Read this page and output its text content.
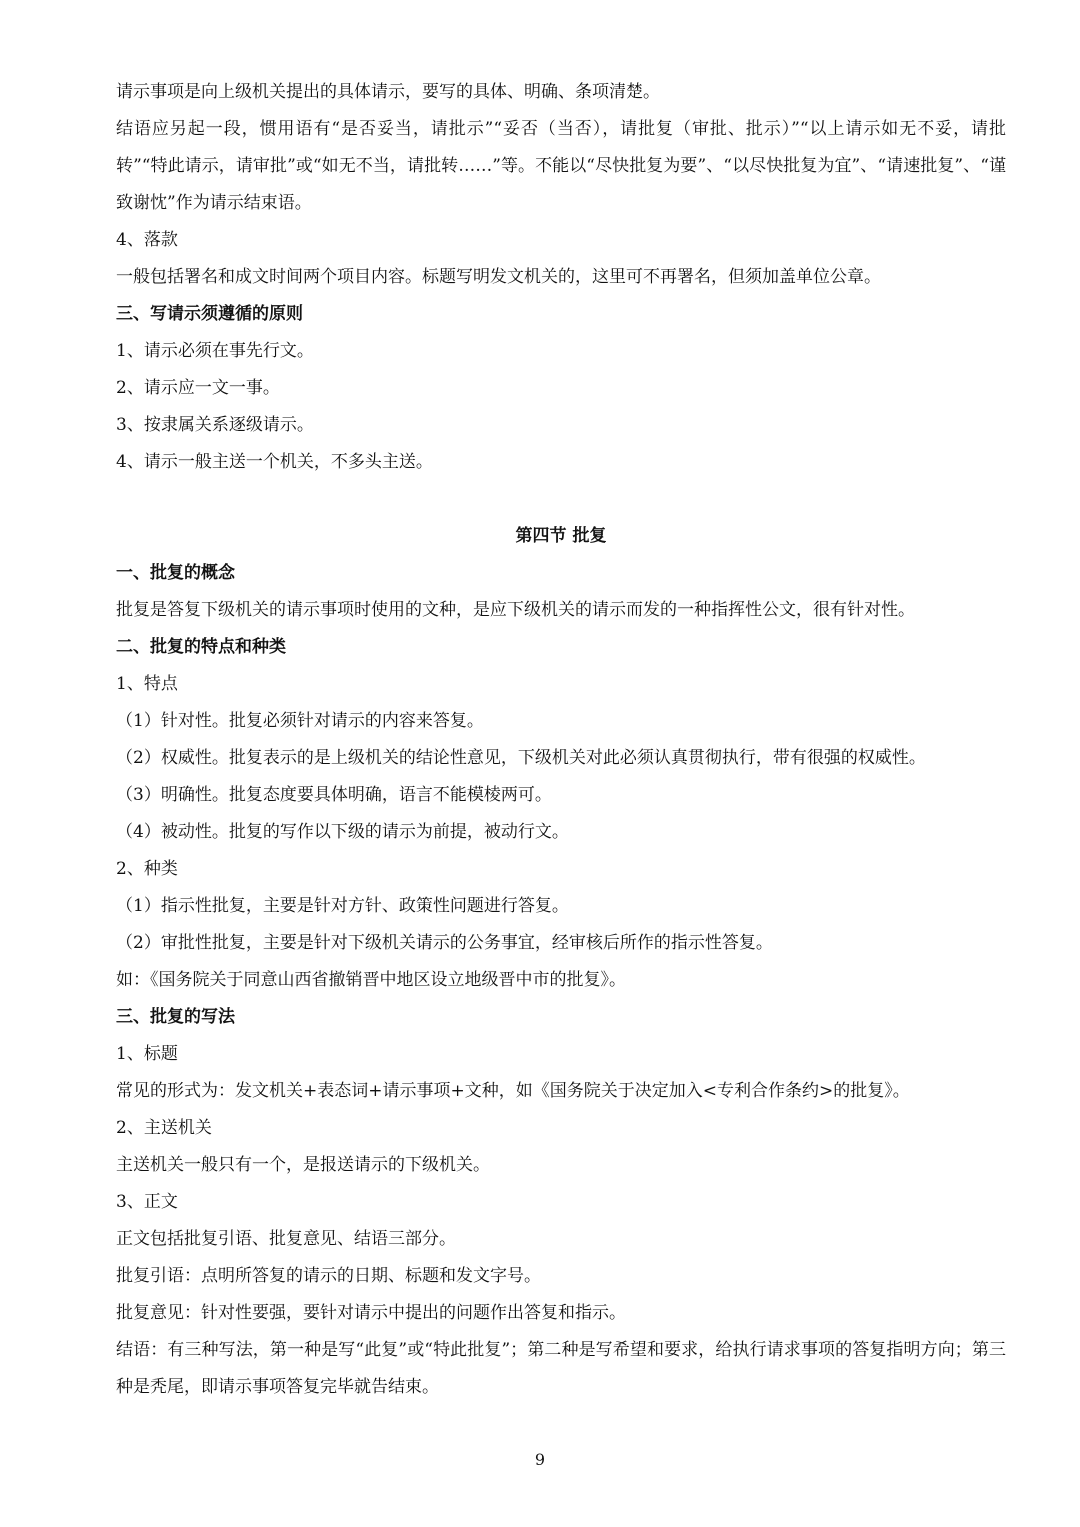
请示事项是向上级机关提出的具体请示，要写的具体、明确、条项清楚。
结语应另起一段，惯用语有“是否妥当，请批示”“妥否（当否），请批复（审批、批示）”“以上请示如无不妥，请批转”“特此请示，请审批”或“如无不当，请批转……”等。不能以“尽快批复为要”、“以尽快批复为宜”、“请速批复”、“谨致谢忱”作为请示结束语。
4、落款
一般包括署名和成文时间两个项目内容。标题写明发文机关的，这里可不再署名，但须加盖单位公章。
三、写请示须遵循的原则
1、请示必须在事先行文。
2、请示应一文一事。
3、按隶属关系逐级请示。
4、请示一般主送一个机关，不多头主送。
第四节 批复
一、批复的概念
批复是答复下级机关的请示事项时使用的文种，是应下级机关的请示而发的一种指挥性公文，很有针对性。
二、批复的特点和种类
1、特点
（1）针对性。批复必须针对请示的内容来答复。
（2）权威性。批复表示的是上级机关的结论性意见，下级机关对此必须认真贯彻执行，带有很强的权威性。
（3）明确性。批复态度要具体明确，语言不能模棱两可。
（4）被动性。批复的写作以下级的请示为前提，被动行文。
2、种类
（1）指示性批复，主要是针对方针、政策性问题进行答复。
（2）审批性批复，主要是针对下级机关请示的公务事宜，经审核后所作的指示性答复。
如：《国务院关于同意山西省撤销晋中地区设立地级晋中市的批复》。
三、批复的写法
1、标题
常见的形式为：发文机关+表态词+请示事项+文种，如《国务院关于决定加入<专利合作条约>的批复》。
2、主送机关
主送机关一般只有一个，是报送请示的下级机关。
3、正文
正文包括批复引语、批复意见、结语三部分。
批复引语：点明所答复的请示的日期、标题和发文字号。
批复意见：针对性要强，要针对请示中提出的问题作出答复和指示。
结语：有三种写法，第一种是写“此复”或“特此批复”；第二种是写希望和要求，给执行请求事项的答复指明方向；第三种是秃尾，即请示事项答复完毕就告结束。
9
